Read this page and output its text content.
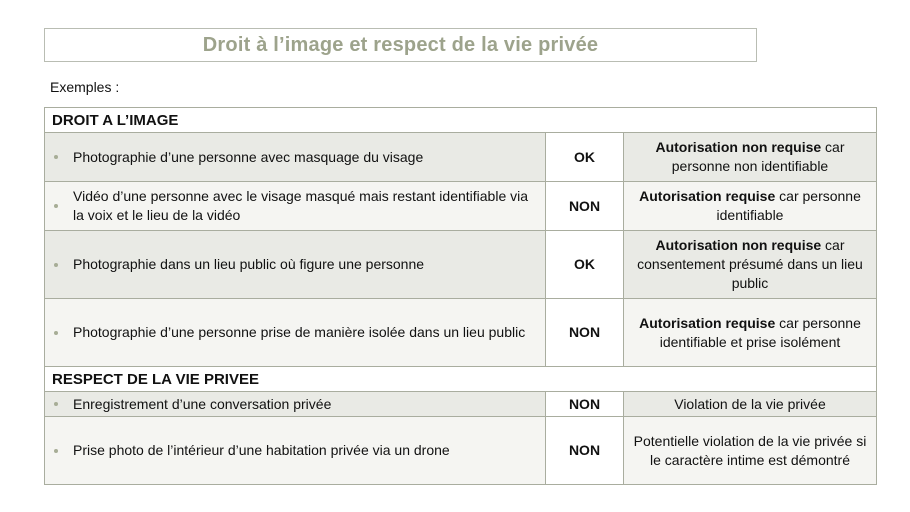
Droit à l’image et respect de la vie privée
Exemples :
DROIT A L’IMAGE		

Photographie d’une personne avec masquage du visage	OK	Autorisation non requise car personne non identifiable

Vidéo d’une personne avec le visage masqué mais restant identifiable via la voix et le lieu de la vidéo	NON	Autorisation requise car personne identifiable

Photographie dans un lieu public où figure une personne	OK	Autorisation non requise car consentement présumé dans un lieu public

Photographie d’une personne prise de manière isolée dans un lieu public	NON	Autorisation requise car personne identifiable et prise isolément
RESPECT DE LA VIE PRIVEE		

Enregistrement d’une conversation privée	NON	Violation de la vie privée

Prise photo de l’intérieur d’une habitation privée via un drone	NON	Potentielle violation de la vie privée si le caractère intime est démontré
